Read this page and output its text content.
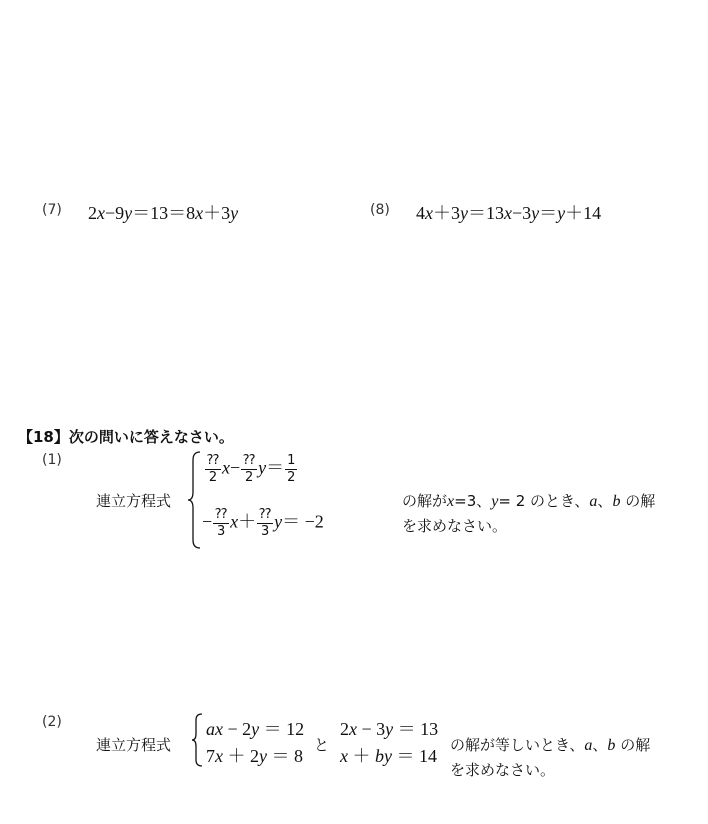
(7) 2x−9y＝13＝8x＋3y	(8) 4x＋3y＝13x−3y＝y＋14
【18】次の問いに答えなさい。
(1)
連立方程式
$\frac{⁇}{2} x- \frac{⁇}{2} y= \frac{1}{2}$
− $\frac{⁇}{3} x+ \frac{⁇}{3} y= -2$
の解がx=3、y= 2 のとき、a、b の解
を求めなさい。
(2)
連立方程式
ax − 2y ＝ 12
7x ＋ 2y ＝ 8
と
2x − 3y ＝ 13
x ＋ by ＝ 14
の解が等しいとき、a、b の解
を求めなさい。
